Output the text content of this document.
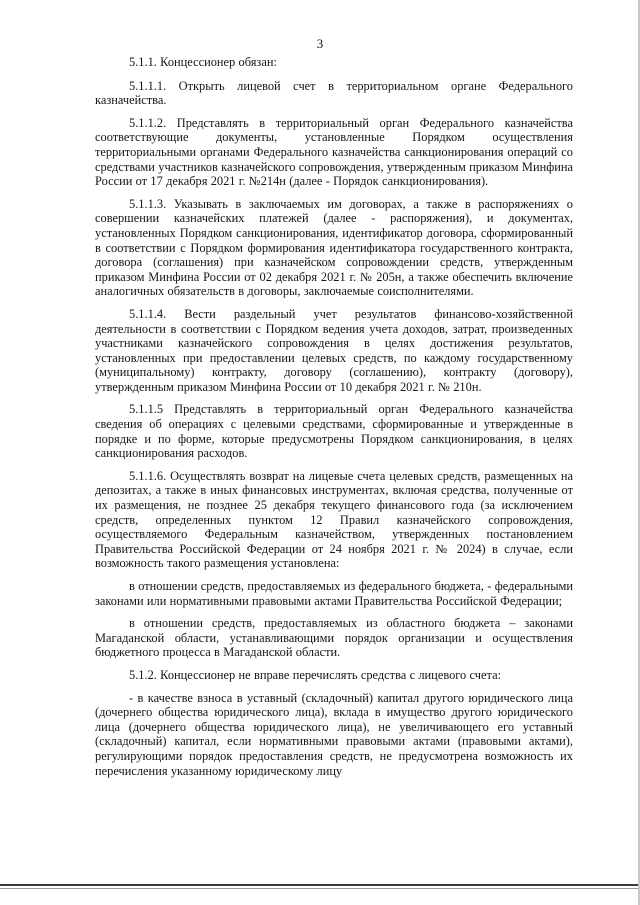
3

5.1.1. Концессионер обязан:

5.1.1.1. Открыть лицевой счет в территориальном органе Федерального казначейства.

5.1.1.2. Представлять в территориальный орган Федерального казначейства соответствующие документы, установленные Порядком осуществления территориальными органами Федерального казначейства санкционирования операций со средствами участников казначейского сопровождения, утвержденным приказом Минфина России от 17 декабря 2021 г. №214н (далее - Порядок санкционирования).

5.1.1.3. Указывать в заключаемых им договорах, а также в распоряжениях о совершении казначейских платежей (далее - распоряжения), и документах, установленных Порядком санкционирования, идентификатор договора, сформированный в соответствии с Порядком формирования идентификатора государственного контракта, договора (соглашения) при казначейском сопровождении средств, утвержденным приказом Минфина России от 02 декабря 2021 г. № 205н, а также обеспечить включение аналогичных обязательств в договоры, заключаемые соисполнителями.

5.1.1.4. Вести раздельный учет результатов финансово-хозяйственной деятельности в соответствии с Порядком ведения учета доходов, затрат, произведенных участниками казначейского сопровождения в целях достижения результатов, установленных при предоставлении целевых средств, по каждому государственному (муниципальному) контракту, договору (соглашению), контракту (договору), утвержденным приказом Минфина России от 10 декабря 2021 г. № 210н.

5.1.1.5 Представлять в территориальный орган Федерального казначейства сведения об операциях с целевыми средствами, сформированные и утвержденные в порядке и по форме, которые предусмотрены Порядком санкционирования, в целях санкционирования расходов.

5.1.1.6. Осуществлять возврат на лицевые счета целевых средств, размещенных на депозитах, а также в иных финансовых инструментах, включая средства, полученные от их размещения, не позднее 25 декабря текущего финансового года (за исключением средств, определенных пунктом 12 Правил казначейского сопровождения, осуществляемого Федеральным казначейством, утвержденных постановлением Правительства Российской Федерации от 24 ноября 2021 г. № 2024) в случае, если возможность такого размещения установлена:

в отношении средств, предоставляемых из федерального бюджета, - федеральными законами или нормативными правовыми актами Правительства Российской Федерации;

в отношении средств, предоставляемых из областного бюджета – законами Магаданской области, устанавливающими порядок организации и осуществления бюджетного процесса в Магаданской области.

5.1.2. Концессионер не вправе перечислять средства с лицевого счета:

- в качестве взноса в уставный (складочный) капитал другого юридического лица (дочернего общества юридического лица), вклада в имущество другого юридического лица (дочернего общества юридического лица), не увеличивающего его уставный (складочный) капитал, если нормативными правовыми актами (правовыми актами), регулирующими порядок предоставления средств, не предусмотрена возможность их перечисления указанному юридическому лицу
